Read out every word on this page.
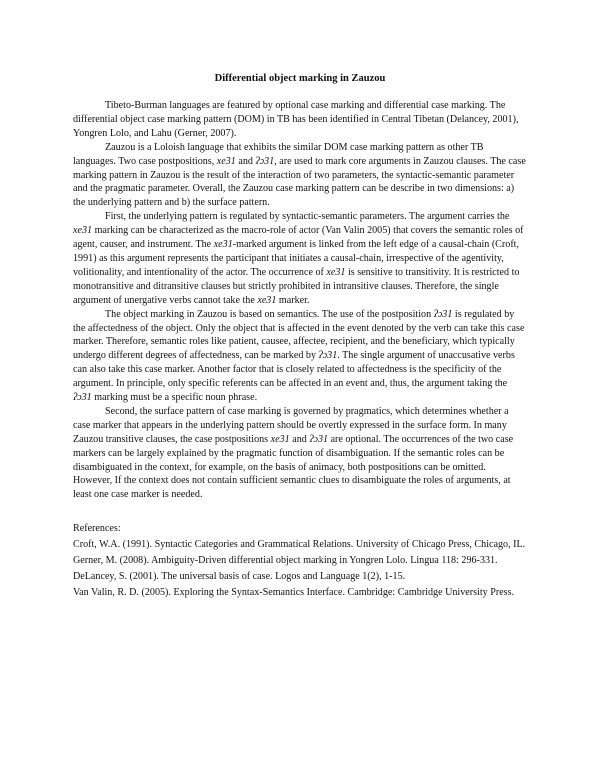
Differential object marking in Zauzou

Tibeto-Burman languages are featured by optional case marking and differential case marking. The differential object case marking pattern (DOM) in TB has been identified in Central Tibetan (Delancey, 2001), Yongren Lolo, and Lahu (Gerner, 2007).

Zauzou is a Loloish language that exhibits the similar DOM case marking pattern as other TB languages. Two case postpositions, xe31 and ʔɔ31, are used to mark core arguments in Zauzou clauses. The case marking pattern in Zauzou is the result of the interaction of two parameters, the syntactic-semantic parameter and the pragmatic parameter. Overall, the Zauzou case marking pattern can be describe in two dimensions: a) the underlying pattern and b) the surface pattern.

First, the underlying pattern is regulated by syntactic-semantic parameters. The argument carries the xe31 marking can be characterized as the macro-role of actor (Van Valin 2005) that covers the semantic roles of agent, causer, and instrument. The xe31-marked argument is linked from the left edge of a causal-chain (Croft, 1991) as this argument represents the participant that initiates a causal-chain, irrespective of the agentivity, volitionality, and intentionality of the actor. The occurrence of xe31 is sensitive to transitivity. It is restricted to monotransitive and ditransitive clauses but strictly prohibited in intransitive clauses. Therefore, the single argument of unergative verbs cannot take the xe31 marker.

The object marking in Zauzou is based on semantics. The use of the postposition ʔɔ31 is regulated by the affectedness of the object. Only the object that is affected in the event denoted by the verb can take this case marker. Therefore, semantic roles like patient, causee, affectee, recipient, and the beneficiary, which typically undergo different degrees of affectedness, can be marked by ʔɔ31. The single argument of unaccusative verbs can also take this case marker. Another factor that is closely related to affectedness is the specificity of the argument. In principle, only specific referents can be affected in an event and, thus, the argument taking the ʔɔ31 marking must be a specific noun phrase.

Second, the surface pattern of case marking is governed by pragmatics, which determines whether a case marker that appears in the underlying pattern should be overtly expressed in the surface form. In many Zauzou transitive clauses, the case postpositions xe31 and ʔɔ31 are optional. The occurrences of the two case markers can be largely explained by the pragmatic function of disambiguation. If the semantic roles can be disambiguated in the context, for example, on the basis of animacy, both postpositions can be omitted. However, If the context does not contain sufficient semantic clues to disambiguate the roles of arguments, at least one case marker is needed.

References:
Croft, W.A. (1991). Syntactic Categories and Grammatical Relations. University of Chicago Press, Chicago, IL.
Gerner, M. (2008). Ambiguity-Driven differential object marking in Yongren Lolo. Lingua 118: 296-331.
DeLancey, S. (2001). The universal basis of case. Logos and Language 1(2), 1-15.
Van Valin, R. D. (2005). Exploring the Syntax-Semantics Interface. Cambridge: Cambridge University Press.
